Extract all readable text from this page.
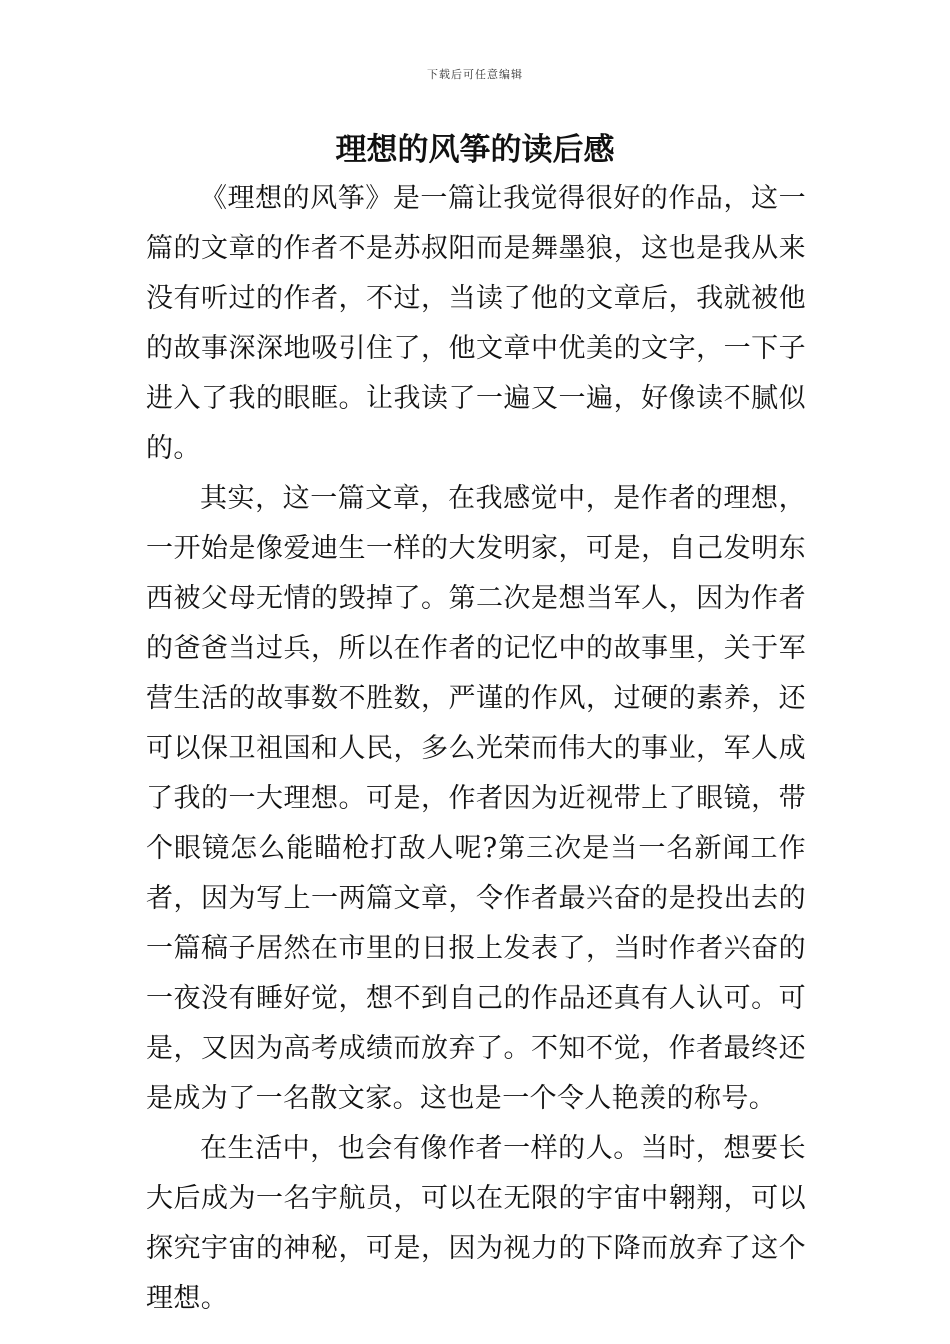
下载后可任意编辑
理想的风筝的读后感

《理想的风筝》是一篇让我觉得很好的作品，这一篇的文章的作者不是苏叔阳而是舞墨狼，这也是我从来没有听过的作者，不过，当读了他的文章后，我就被他的故事深深地吸引住了，他文章中优美的文字，一下子进入了我的眼眶。让我读了一遍又一遍，好像读不腻似的。

其实，这一篇文章，在我感觉中，是作者的理想，一开始是像爱迪生一样的大发明家，可是，自己发明东西被父母无情的毁掉了。第二次是想当军人，因为作者的爸爸当过兵，所以在作者的记忆中的故事里，关于军营生活的故事数不胜数，严谨的作风，过硬的素养，还可以保卫祖国和人民，多么光荣而伟大的事业，军人成了我的一大理想。可是，作者因为近视带上了眼镜，带个眼镜怎么能瞄枪打敌人呢?第三次是当一名新闻工作者，因为写上一两篇文章，令作者最兴奋的是投出去的一篇稿子居然在市里的日报上发表了，当时作者兴奋的一夜没有睡好觉，想不到自己的作品还真有人认可。可是，又因为高考成绩而放弃了。不知不觉，作者最终还是成为了一名散文家。这也是一个令人艳羡的称号。

在生活中，也会有像作者一样的人。当时，想要长大后成为一名宇航员，可以在无限的宇宙中翱翔，可以探究宇宙的神秘，可是，因为视力的下降而放弃了这个理想。
